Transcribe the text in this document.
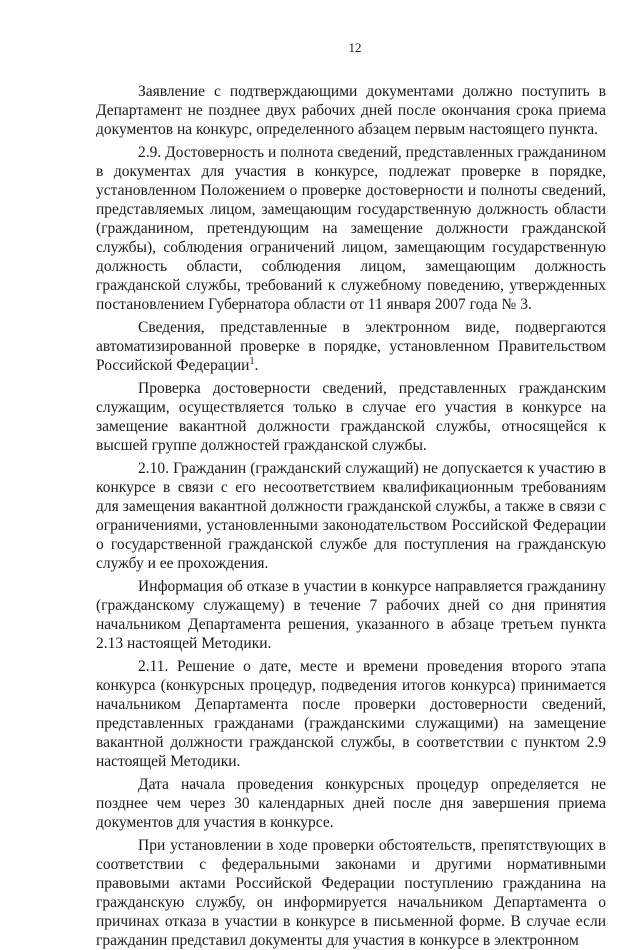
12

Заявление с подтверждающими документами должно поступить в Департамент не позднее двух рабочих дней после окончания срока приема документов на конкурс, определенного абзацем первым настоящего пункта.

2.9. Достоверность и полнота сведений, представленных гражданином в документах для участия в конкурсе, подлежат проверке в порядке, установленном Положением о проверке достоверности и полноты сведений, представляемых лицом, замещающим государственную должность области (гражданином, претендующим на замещение должности гражданской службы), соблюдения ограничений лицом, замещающим государственную должность области, соблюдения лицом, замещающим должность гражданской службы, требований к служебному поведению, утвержденных постановлением Губернатора области от 11 января 2007 года № 3.

Сведения, представленные в электронном виде, подвергаются автоматизированной проверке в порядке, установленном Правительством Российской Федерации$^1$.

Проверка достоверности сведений, представленных гражданским служащим, осуществляется только в случае его участия в конкурсе на замещение вакантной должности гражданской службы, относящейся к высшей группе должностей гражданской службы.

2.10. Гражданин (гражданский служащий) не допускается к участию в конкурсе в связи с его несоответствием квалификационным требованиям для замещения вакантной должности гражданской службы, а также в связи с ограничениями, установленными законодательством Российской Федерации о государственной гражданской службе для поступления на гражданскую службу и ее прохождения.

Информация об отказе в участии в конкурсе направляется гражданину (гражданскому служащему) в течение 7 рабочих дней со дня принятия начальником Департамента решения, указанного в абзаце третьем пункта 2.13 настоящей Методики.

2.11. Решение о дате, месте и времени проведения второго этапа конкурса (конкурсных процедур, подведения итогов конкурса) принимается начальником Департамента после проверки достоверности сведений, представленных гражданами (гражданскими служащими) на замещение вакантной должности гражданской службы, в соответствии с пунктом 2.9 настоящей Методики.

Дата начала проведения конкурсных процедур определяется не позднее чем через 30 календарных дней после дня завершения приема документов для участия в конкурсе.

При установлении в ходе проверки обстоятельств, препятствующих в соответствии с федеральными законами и другими нормативными правовыми актами Российской Федерации поступлению гражданина на гражданскую службу, он информируется начальником Департамента о причинах отказа в участии в конкурсе в письменной форме. В случае если гражданин представил документы для участия в конкурсе в электронном
